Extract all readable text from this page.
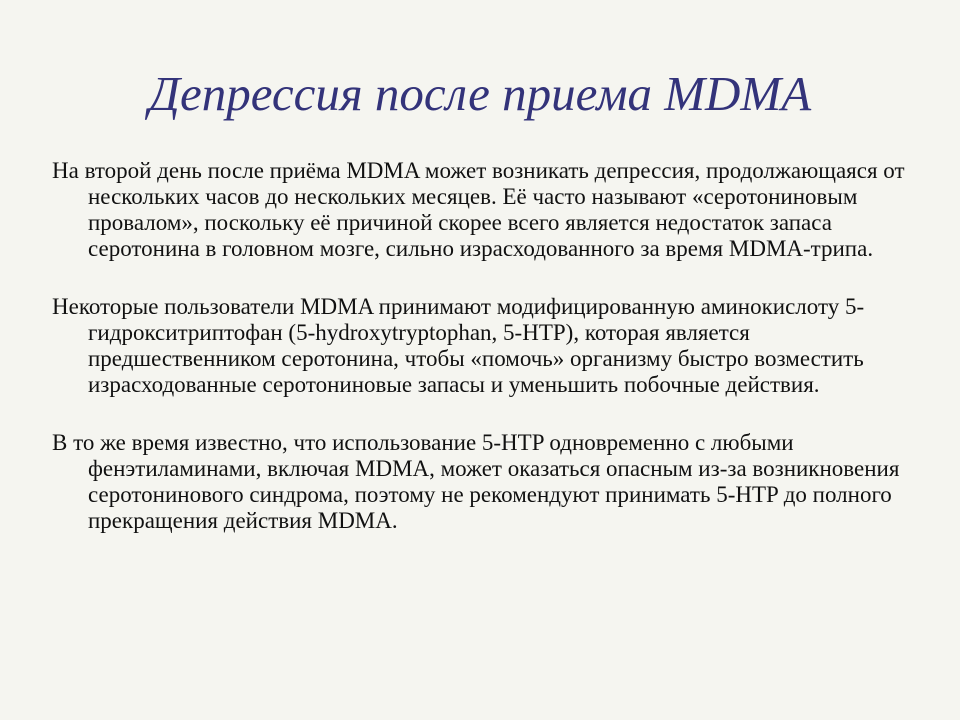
Депрессия после приема MDMA

На второй день после приёма MDMA может возникать депрессия, продолжающаяся от нескольких часов до нескольких месяцев. Её часто называют «серотониновым провалом», поскольку её причиной скорее всего является недостаток запаса серотонина в головном мозге, сильно израсходованного за время MDMA-трипа.

Некоторые пользователи MDMA принимают модифицированную аминокислоту 5-гидрокситриптофан (5-hydroxytryptophan, 5-HTP), которая является предшественником серотонина, чтобы «помочь» организму быстро возместить израсходованные серотониновые запасы и уменьшить побочные действия.

В то же время известно, что использование 5-HTP одновременно с любыми фенэтиламинами, включая MDMA, может оказаться опасным из-за возникновения серотонинового синдрома, поэтому не рекомендуют принимать 5-HTP до полного прекращения действия MDMA.
